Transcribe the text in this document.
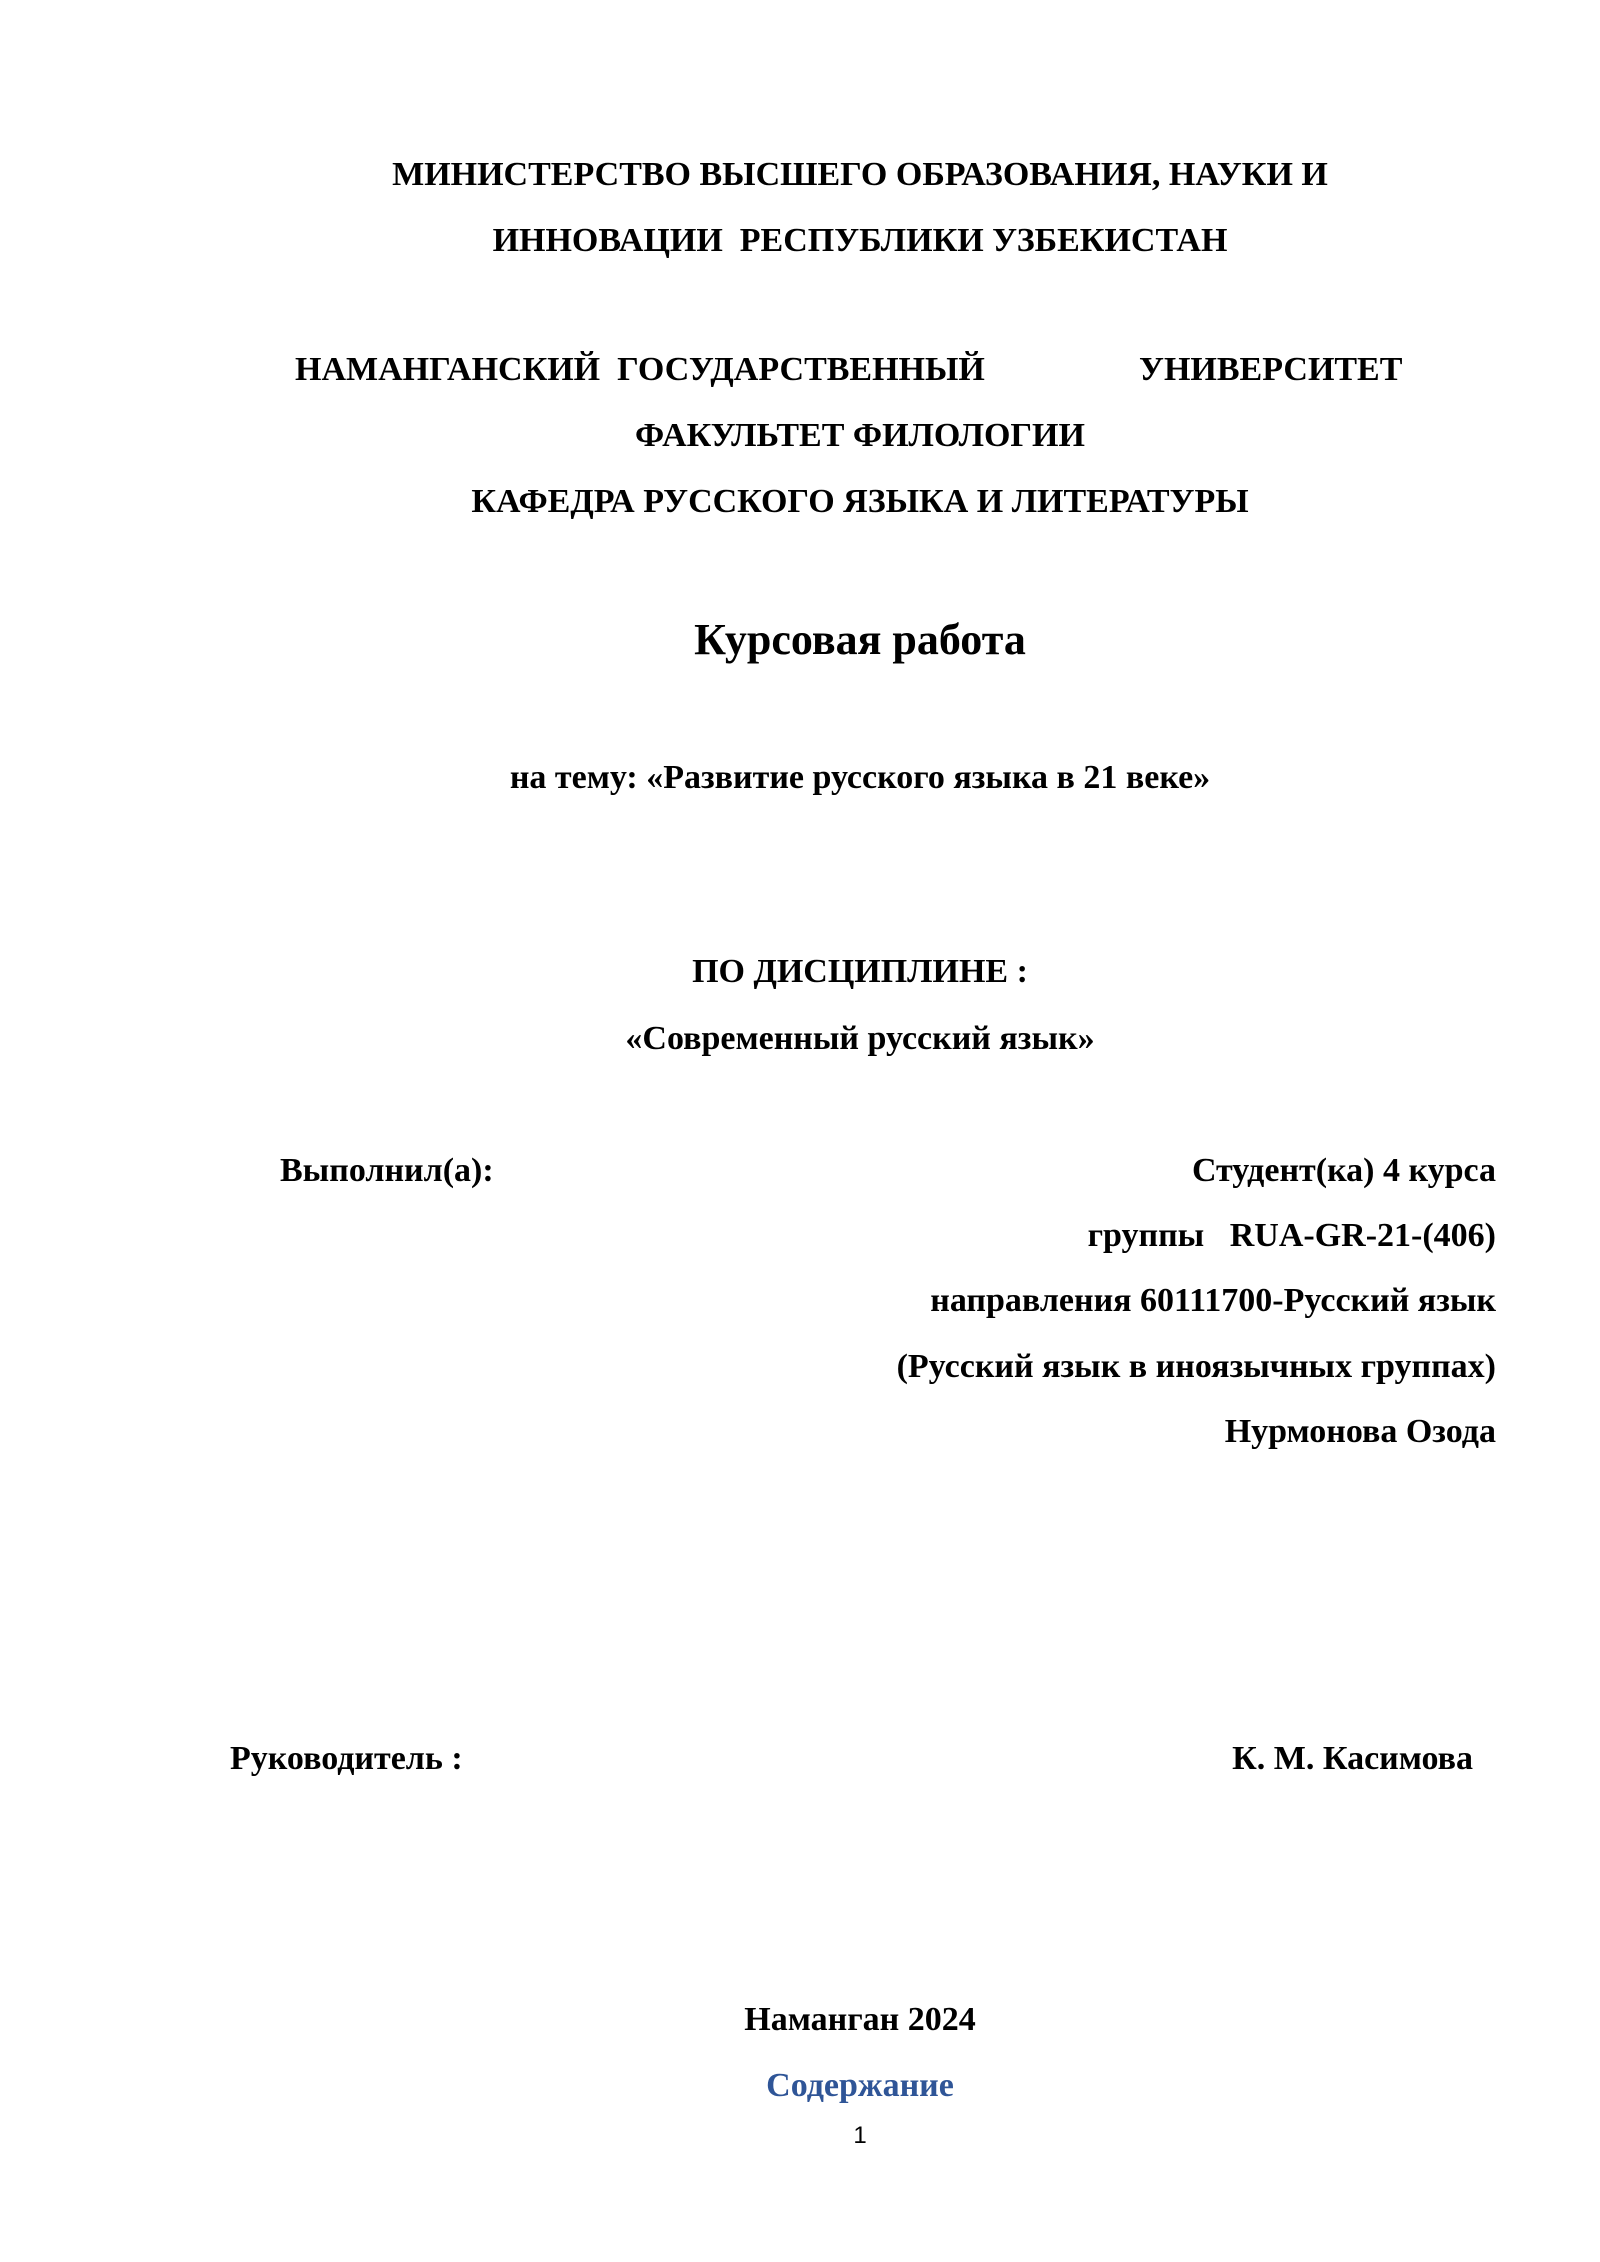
МИНИСТЕРСТВО ВЫСШЕГО ОБРАЗОВАНИЯ, НАУКИ И
ИННОВАЦИИ  РЕСПУБЛИКИ УЗБЕКИСТАН
НАМАНГАНСКИЙ  ГОСУДАРСТВЕННЫЙ	УНИВЕРСИТЕТ
ФАКУЛЬТЕТ ФИЛОЛОГИИ
КАФЕДРА РУССКОГО ЯЗЫКА И ЛИТЕРАТУРЫ
Курсовая работа
на тему: «Развитие русского языка в 21 веке»
ПО ДИСЦИПЛИНЕ :
«Современный русский язык»
Выполнил(а):	Студент(ка) 4 курса
группы   RUA-GR-21-(406)
направления 60111700-Русский язык
(Русский язык в иноязычных группах)
Нурмонова Озода
Руководитель :	К. М. Касимова
Наманган 2024
Содержание
1
